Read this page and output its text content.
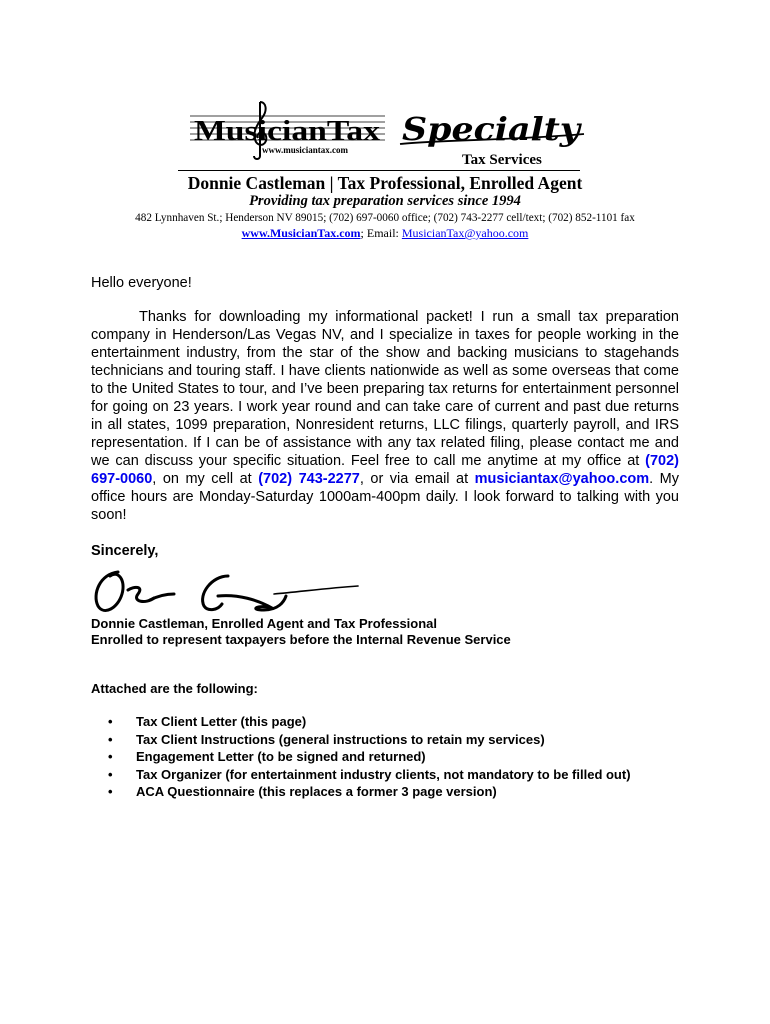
MusicianTax
www.musiciantax.com
Specialty
Tax Services
Donnie Castleman | Tax Professional, Enrolled Agent
Providing tax preparation services since 1994
482 Lynnhaven St.; Henderson NV 89015; (702) 697-0060 office; (702) 743-2277 cell/text; (702) 852-1101 fax
www.MusicianTax.com; Email: MusicianTax@yahoo.com
Hello everyone!
Thanks for downloading my informational packet! I run a small tax preparation company in Henderson/Las Vegas NV, and I specialize in taxes for people working in the entertainment industry, from the star of the show and backing musicians to stagehands technicians and touring staff. I have clients nationwide as well as some overseas that come to the United States to tour, and I’ve been preparing tax returns for entertainment personnel for going on 23 years. I work year round and can take care of current and past due returns in all states, 1099 preparation, Nonresident returns, LLC filings, quarterly payroll, and IRS representation. If I can be of assistance with any tax related filing, please contact me and we can discuss your specific situation. Feel free to call me anytime at my office at (702) 697-0060, on my cell at (702) 743-2277, or via email at musiciantax@yahoo.com. My office hours are Monday-Saturday 1000am-400pm daily. I look forward to talking with you soon!
Sincerely,
Donnie Castleman, Enrolled Agent and Tax Professional
Enrolled to represent taxpayers before the Internal Revenue Service
Attached are the following:
• Tax Client Letter (this page)
• Tax Client Instructions (general instructions to retain my services)
• Engagement Letter (to be signed and returned)
• Tax Organizer (for entertainment industry clients, not mandatory to be filled out)
• ACA Questionnaire (this replaces a former 3 page version)
